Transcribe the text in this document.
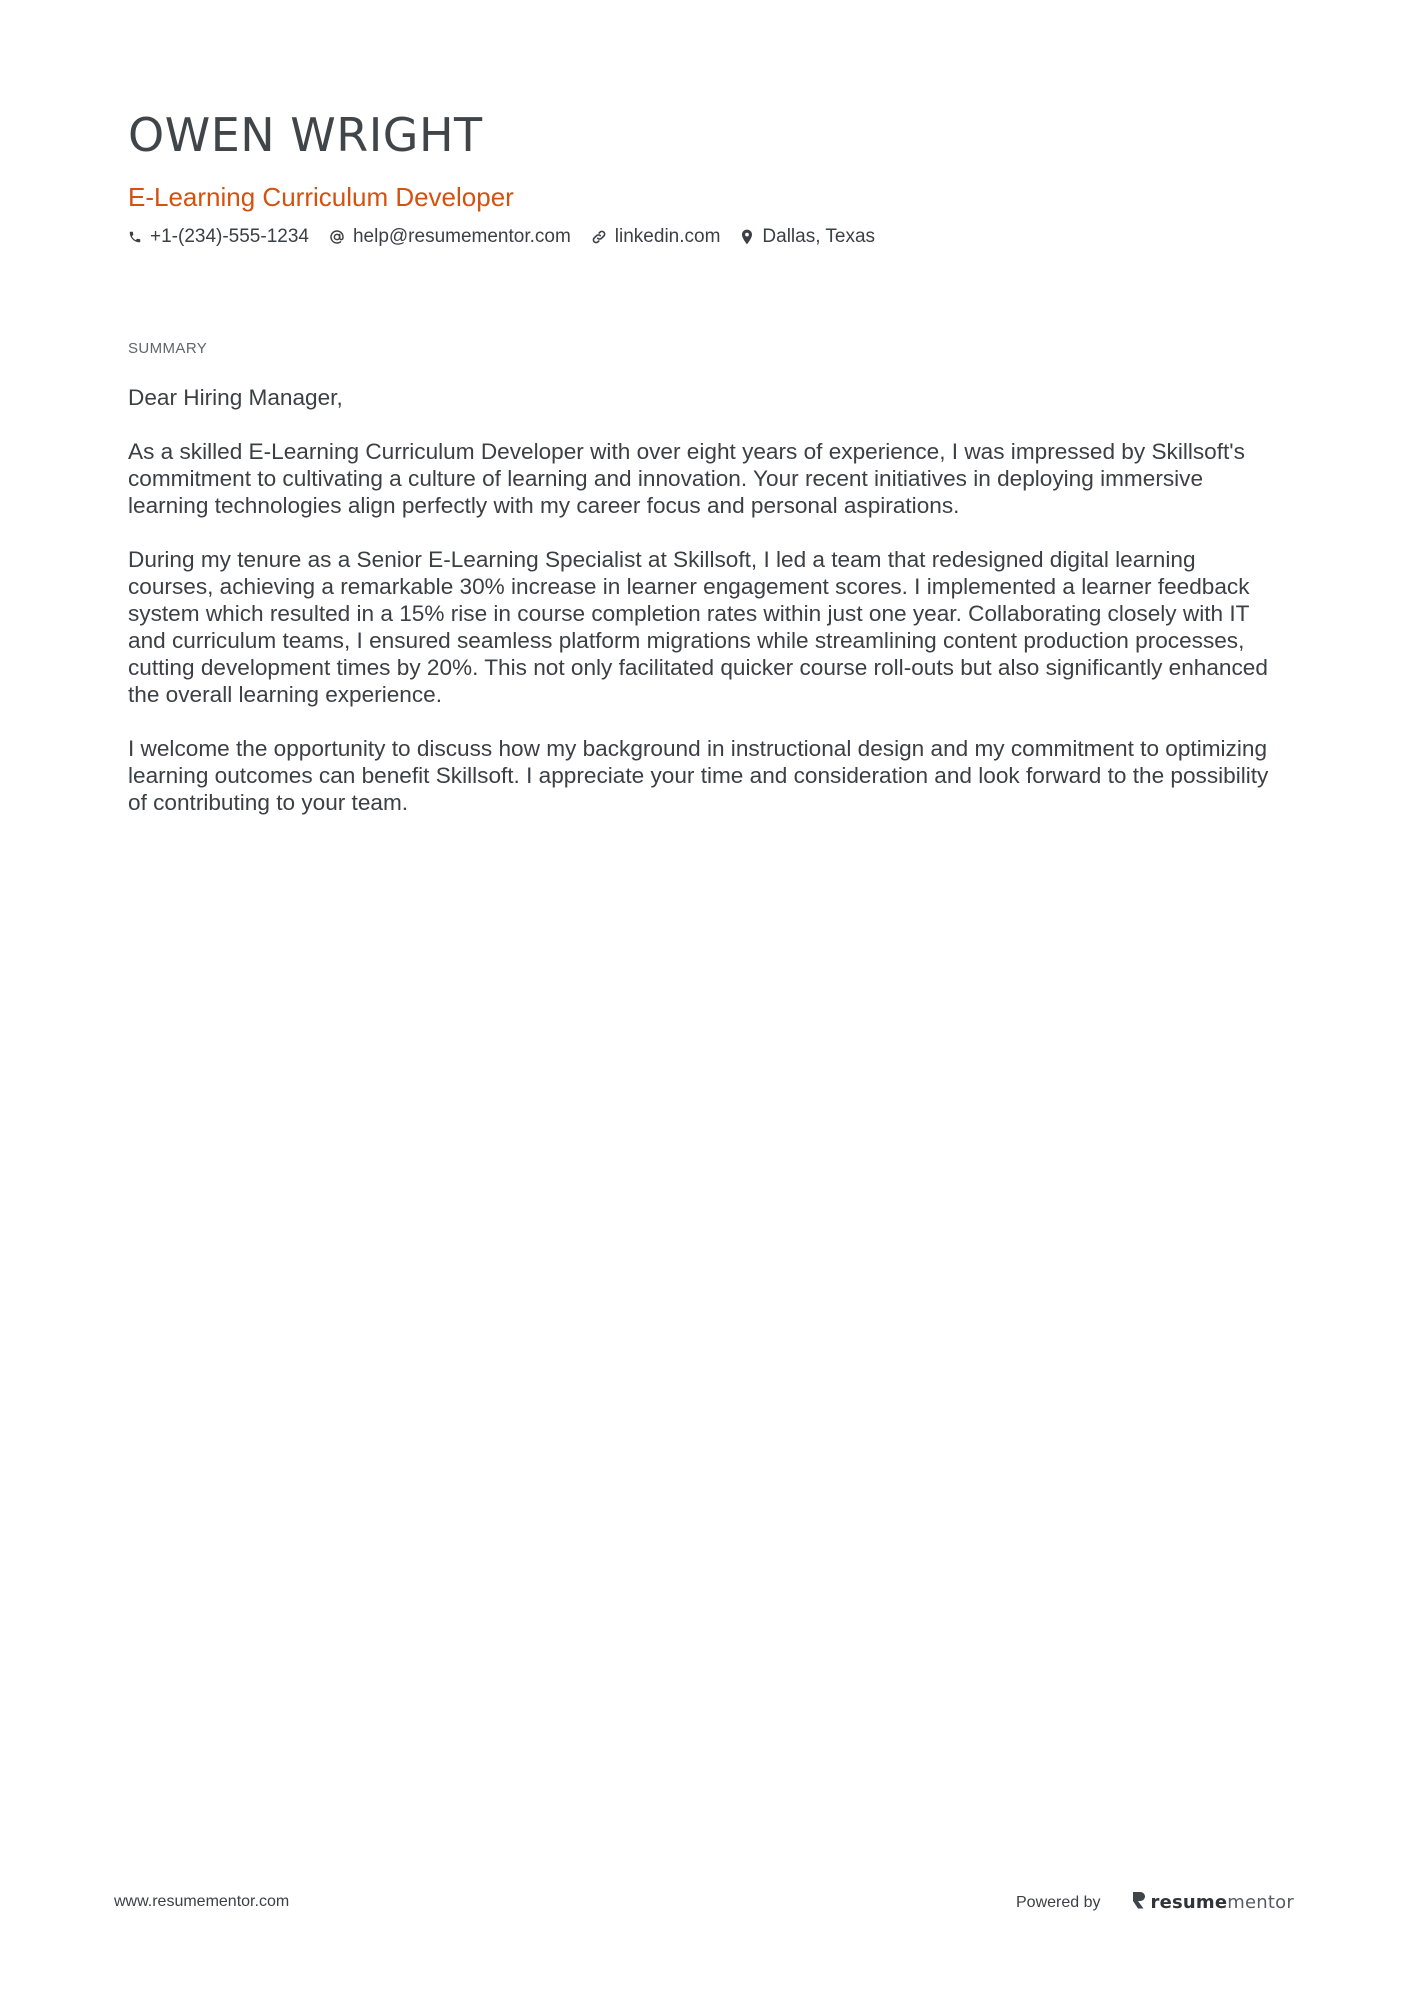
OWEN WRIGHT
E-Learning Curriculum Developer
+1-(234)-555-1234 help@resumementor.com linkedin.com Dallas, Texas
SUMMARY

Dear Hiring Manager,

As a skilled E-Learning Curriculum Developer with over eight years of experience, I was impressed by Skillsoft's commitment to cultivating a culture of learning and innovation. Your recent initiatives in deploying immersive learning technologies align perfectly with my career focus and personal aspirations.

During my tenure as a Senior E-Learning Specialist at Skillsoft, I led a team that redesigned digital learning courses, achieving a remarkable 30% increase in learner engagement scores. I implemented a learner feedback system which resulted in a 15% rise in course completion rates within just one year. Collaborating closely with IT and curriculum teams, I ensured seamless platform migrations while streamlining content production processes, cutting development times by 20%. This not only facilitated quicker course roll-outs but also significantly enhanced the overall learning experience.

I welcome the opportunity to discuss how my background in instructional design and my commitment to optimizing learning outcomes can benefit Skillsoft. I appreciate your time and consideration and look forward to the possibility of contributing to your team.

www.resumementor.com	Powered by	resumementor
